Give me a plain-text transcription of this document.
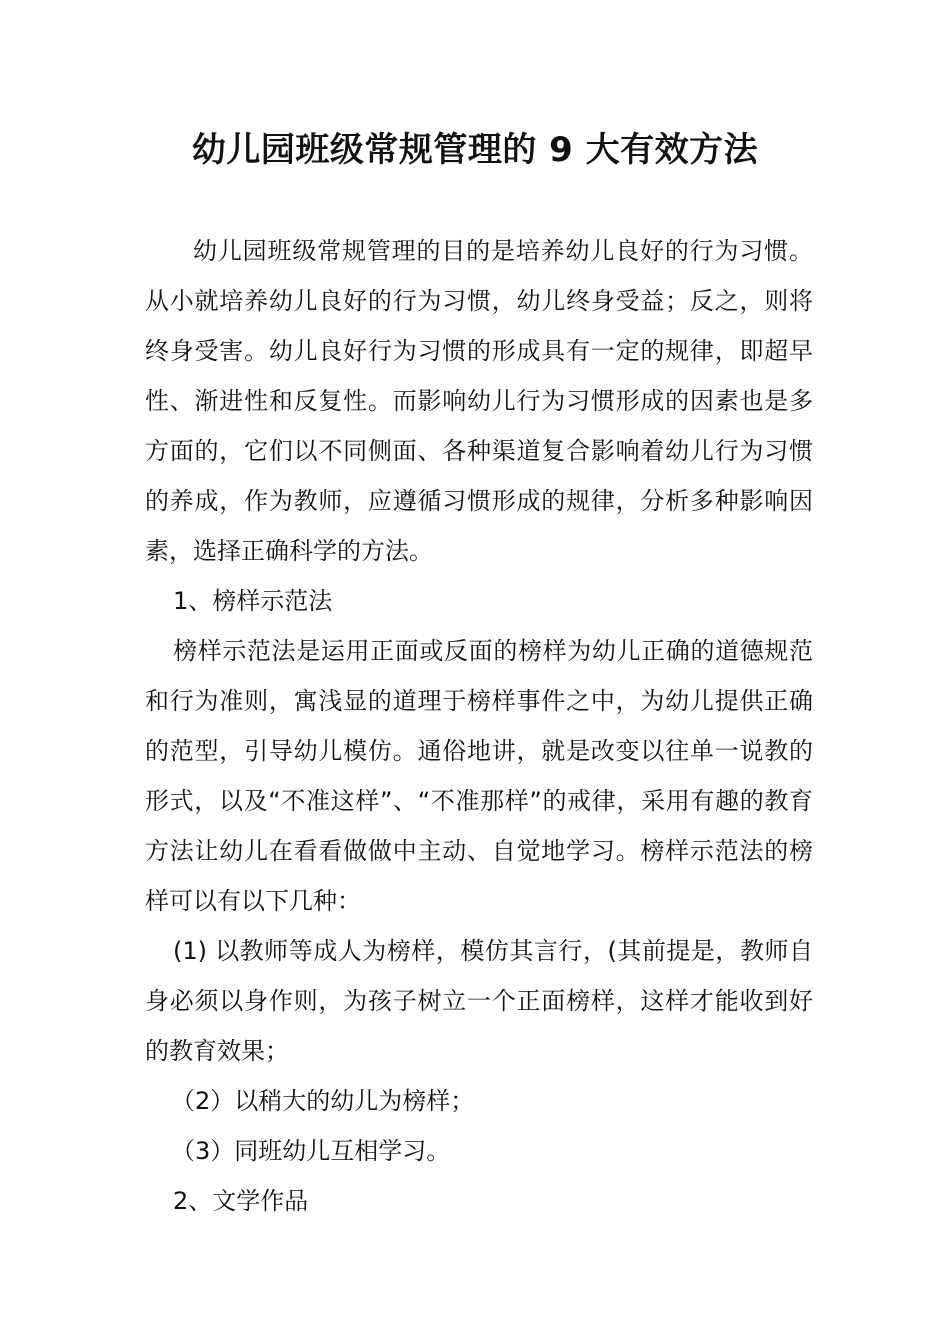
幼儿园班级常规管理的 9 大有效方法

幼儿园班级常规管理的目的是培养幼儿良好的行为习惯。从小就培养幼儿良好的行为习惯，幼儿终身受益；反之，则将终身受害。幼儿良好行为习惯的形成具有一定的规律，即超早性、渐进性和反复性。而影响幼儿行为习惯形成的因素也是多方面的，它们以不同侧面、各种渠道复合影响着幼儿行为习惯的养成，作为教师，应遵循习惯形成的规律，分析多种影响因素，选择正确科学的方法。

1、榜样示范法

榜样示范法是运用正面或反面的榜样为幼儿正确的道德规范和行为准则，寓浅显的道理于榜样事件之中，为幼儿提供正确的范型，引导幼儿模仿。通俗地讲，就是改变以往单一说教的形式，以及“不准这样”、“不准那样”的戒律，采用有趣的教育方法让幼儿在看看做做中主动、自觉地学习。榜样示范法的榜样可以有以下几种：

(1) 以教师等成人为榜样，模仿其言行，(其前提是，教师自身必须以身作则，为孩子树立一个正面榜样，这样才能收到好的教育效果；

（2）以稍大的幼儿为榜样；

（3）同班幼儿互相学习。

2、文学作品
